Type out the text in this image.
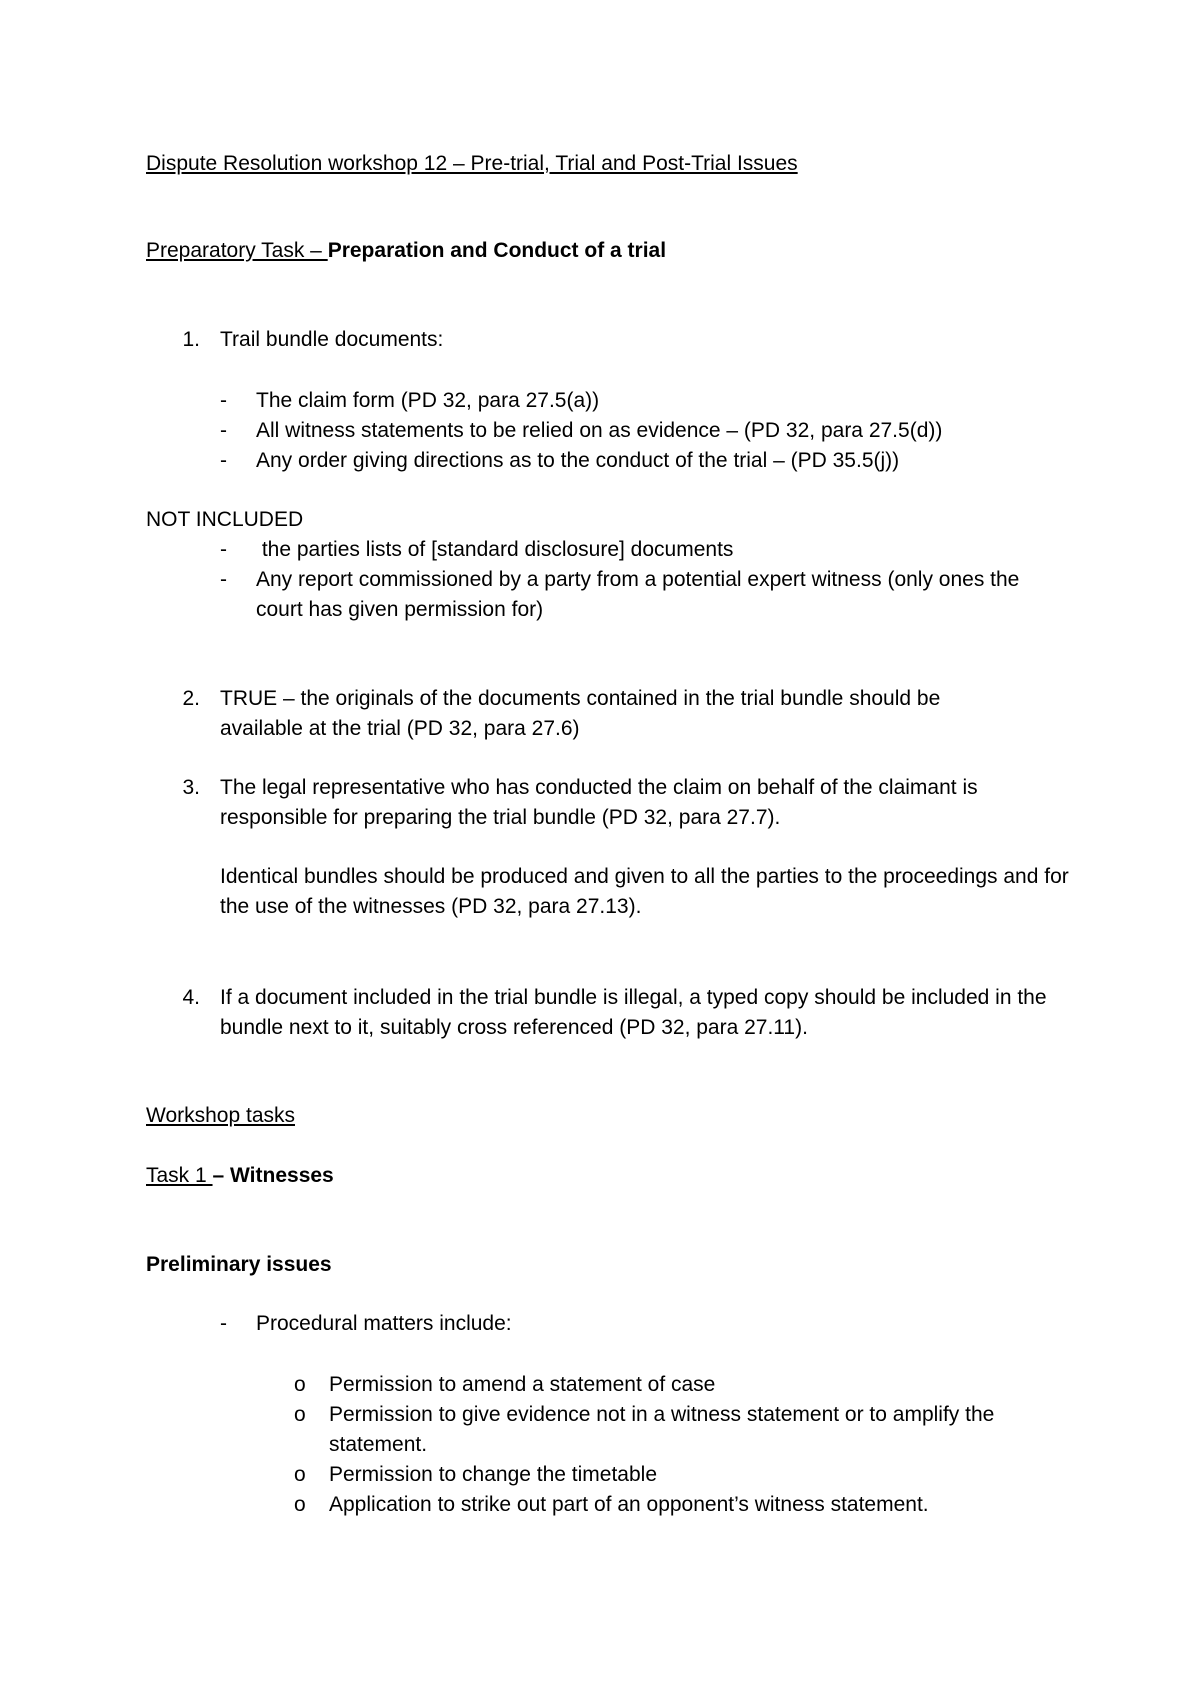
Dispute Resolution workshop 12 – Pre-trial, Trial and Post-Trial Issues
Preparatory Task – Preparation and Conduct of a trial
1. Trail bundle documents:
- The claim form (PD 32, para 27.5(a))
- All witness statements to be relied on as evidence – (PD 32, para 27.5(d))
- Any order giving directions as to the conduct of the trial – (PD 35.5(j))
NOT INCLUDED
- the parties lists of [standard disclosure] documents
- Any report commissioned by a party from a potential expert witness (only ones the court has given permission for)
2. TRUE – the originals of the documents contained in the trial bundle should be available at the trial (PD 32, para 27.6)
3. The legal representative who has conducted the claim on behalf of the claimant is responsible for preparing the trial bundle (PD 32, para 27.7).
Identical bundles should be produced and given to all the parties to the proceedings and for the use of the witnesses (PD 32, para 27.13).
4. If a document included in the trial bundle is illegal, a typed copy should be included in the bundle next to it, suitably cross referenced (PD 32, para 27.11).
Workshop tasks
Task 1 – Witnesses
Preliminary issues
- Procedural matters include:
o Permission to amend a statement of case
o Permission to give evidence not in a witness statement or to amplify the statement.
o Permission to change the timetable
o Application to strike out part of an opponent’s witness statement.
